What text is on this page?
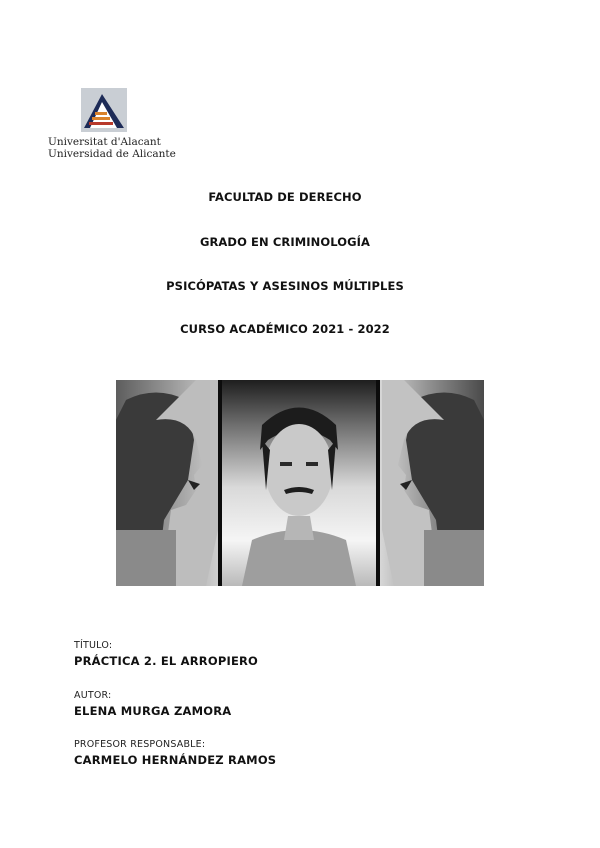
Universitat d'Alacant
Universidad de Alicante
FACULTAD DE DERECHO
GRADO EN CRIMINOLOGÍA
PSICÓPATAS Y ASESINOS MÚLTIPLES
CURSO ACADÉMICO 2021 - 2022
TÍTULO:
PRÁCTICA 2. EL ARROPIERO
AUTOR:
ELENA MURGA ZAMORA
PROFESOR RESPONSABLE:
CARMELO HERNÁNDEZ RAMOS
